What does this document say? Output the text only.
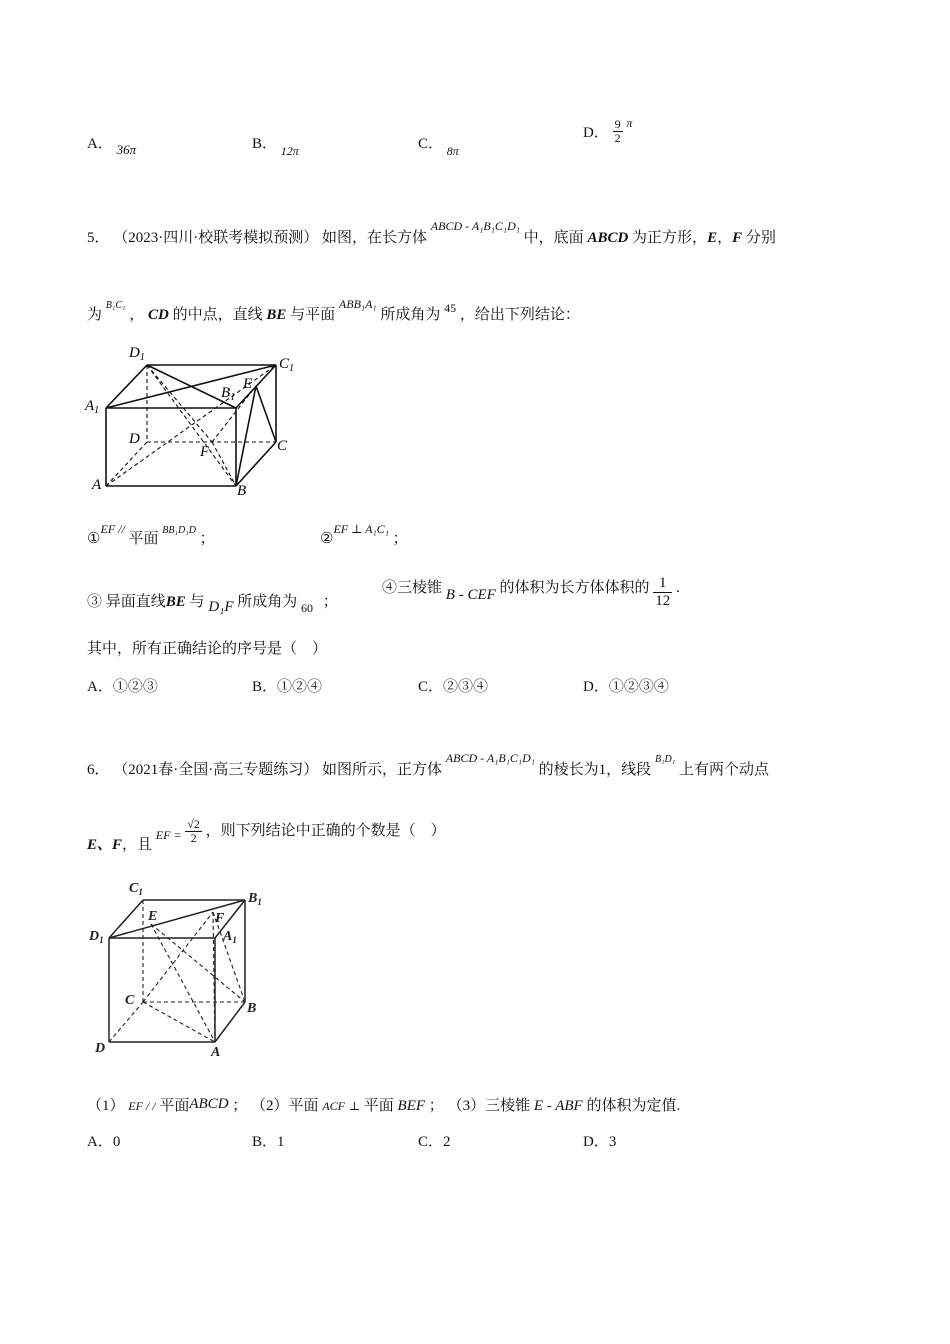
A． 36π	B． $_{12\pi}$	C． $_{8\pi}$
D． $\frac{9}{2} ^\pi$
5． （2023·四川·校联考模拟预测） 如图，在长方体 $^{ABCD - A_1B_1C_1D_1}$ 中，底面 ABCD 为正方形，E，F 分别
为 $^{B_1C_1}$ ， CD 的中点，直线 BE 与平面 $^{ABB_1A_1}$ 所成角为 $^{45}$ ，给出下列结论：
$D_1$	$C_1$
$A_1$
$B_1$
E
D
F	C
A	B
①$^{EF //}$ 平面 $^{BB_1D_1D}$ ；	②$^{EF \perp A_1C_1}$ ；
③ 异面直线BE 与 D₁F 所成角为 $_{60}$ ；
④三棱锥 B - CEF 的体积为长方体体积的 $\frac{1}{12}$ .
其中，所有正确结论的序号是（　）
A．①②③	B．①②④	C．②③④	D．①②③④
6． （2021春·全国·高三专题练习） 如图所示，正方体 $^{ABCD - A_1B_1C_1D_1}$ 的棱长为1，线段 $^{B_1D_1}$ 上有两个动点
E、F，且 $_{EF =} \frac{√2}{2}$ ，则下列结论中正确的个数是（　）
$C_1$	$B_1$
E	F
$D_1$	$A_1$
C
B
D	A
（1） EF / / 平面ABCD ； （2）平面 ACF ⊥ 平面 BEF ； （3）三棱锥 E - ABF 的体积为定值.
A．0	B．1	C．2	D．3
